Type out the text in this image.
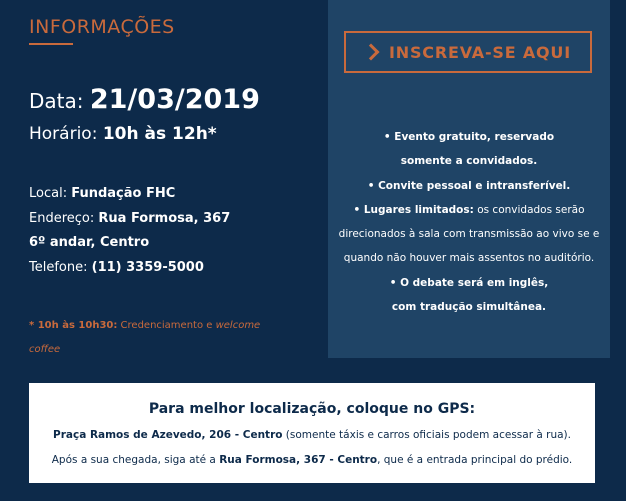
INFORMAÇÕES
Data: 21/03/2019
Horário: 10h às 12h*
Local: Fundação FHC
Endereço: Rua Formosa, 367
6º andar, Centro
Telefone: (11) 3359-5000
* 10h às 10h30: Credenciamento e welcome coffee
INSCREVA-SE AQUI
• Evento gratuito, reservado
somente a convidados.
• Convite pessoal e intransferível.
• Lugares limitados: os convidados serão direcionados à sala com transmissão ao vivo se e quando não houver mais assentos no auditório.
• O debate será em inglês,
com tradução simultânea.
Para melhor localização, coloque no GPS:
Praça Ramos de Azevedo, 206 - Centro (somente táxis e carros oficiais podem acessar à rua).
Após a sua chegada, siga até a Rua Formosa, 367 - Centro, que é a entrada principal do prédio.
